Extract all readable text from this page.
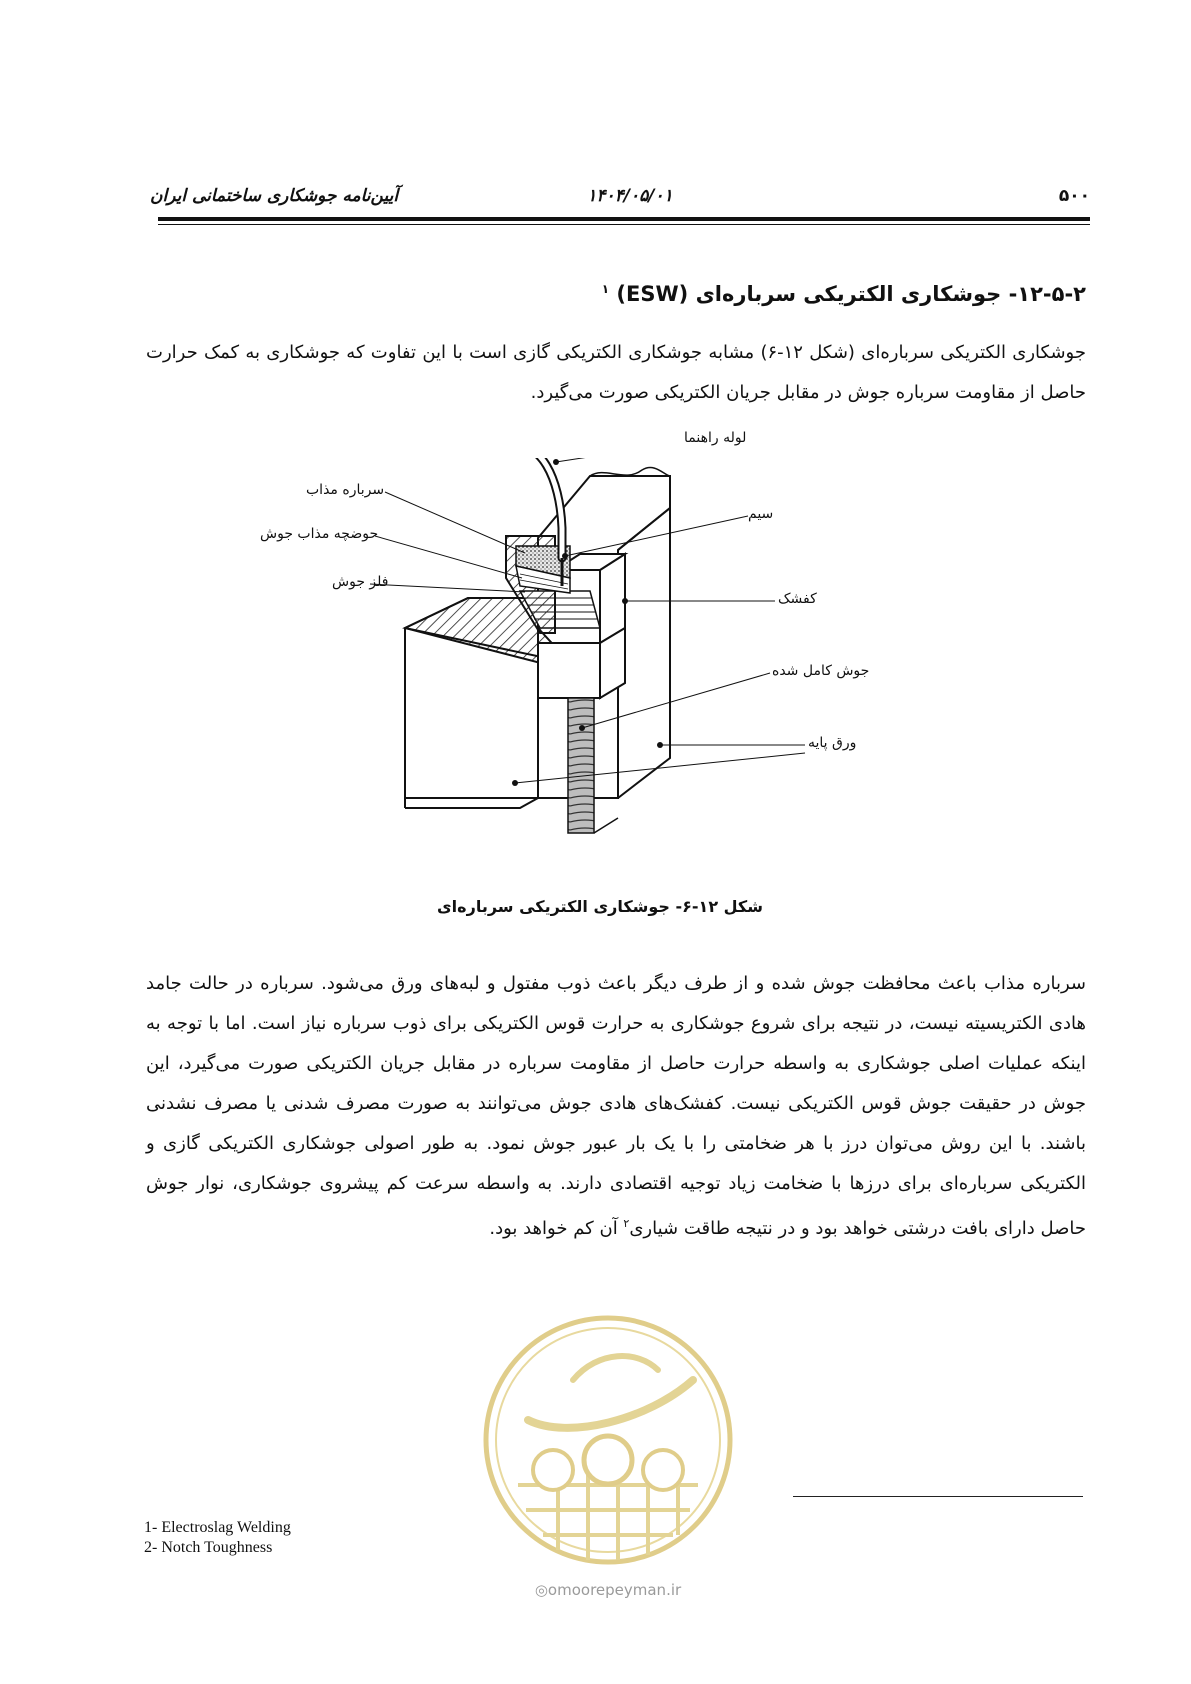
۵۰۰
۱۴۰۴/۰۵/۰۱
آیین‌نامه جوشکاری ساختمانی ایران
۱۲-۵-۲- جوشکاری الکتریکی سرباره‌ای (ESW) $^۱$
جوشکاری الکتریکی سرباره‌ای (شکل ۱۲-۶) مشابه جوشکاری الکتریکی گازی است با این تفاوت که جوشکاری به کمک حرارت حاصل از مقاومت سرباره جوش در مقابل جریان الکتریکی صورت می‌گیرد.
لوله راهنما
سرباره مذاب
سیم
حوضچه مذاب جوش
فلز جوش
کفشک
جوش کامل شده
ورق پایه
شکل ۱۲-۶- جوشکاری الکتریکی سرباره‌ای
سرباره مذاب باعث محافظت جوش شده و از طرف دیگر باعث ذوب مفتول و لبه‌های ورق می‌شود. سرباره در حالت جامد هادی الکتریسیته نیست، در نتیجه برای شروع جوشکاری به حرارت قوس الکتریکی برای ذوب سرباره نیاز است. اما با توجه به اینکه عملیات اصلی جوشکاری به واسطه حرارت حاصل از مقاومت سرباره در مقابل جریان الکتریکی صورت می‌گیرد، این جوش در حقیقت جوش قوس الکتریکی نیست. کفشک‌های هادی جوش می‌توانند به صورت مصرف شدنی یا مصرف نشدنی باشند. با این روش می‌توان درز با هر ضخامتی را با یک بار عبور جوش نمود. به طور اصولی جوشکاری الکتریکی گازی و الکتریکی سرباره‌ای برای درزها با ضخامت زیاد توجیه اقتصادی دارند. به واسطه سرعت کم پیشروی جوشکاری، نوار جوش حاصل دارای بافت درشتی خواهد بود و در نتیجه طاقت شیاری$^۲$ آن کم خواهد بود.
◎omoorepeyman.ir
1- Electroslag Welding
2- Notch Toughness
